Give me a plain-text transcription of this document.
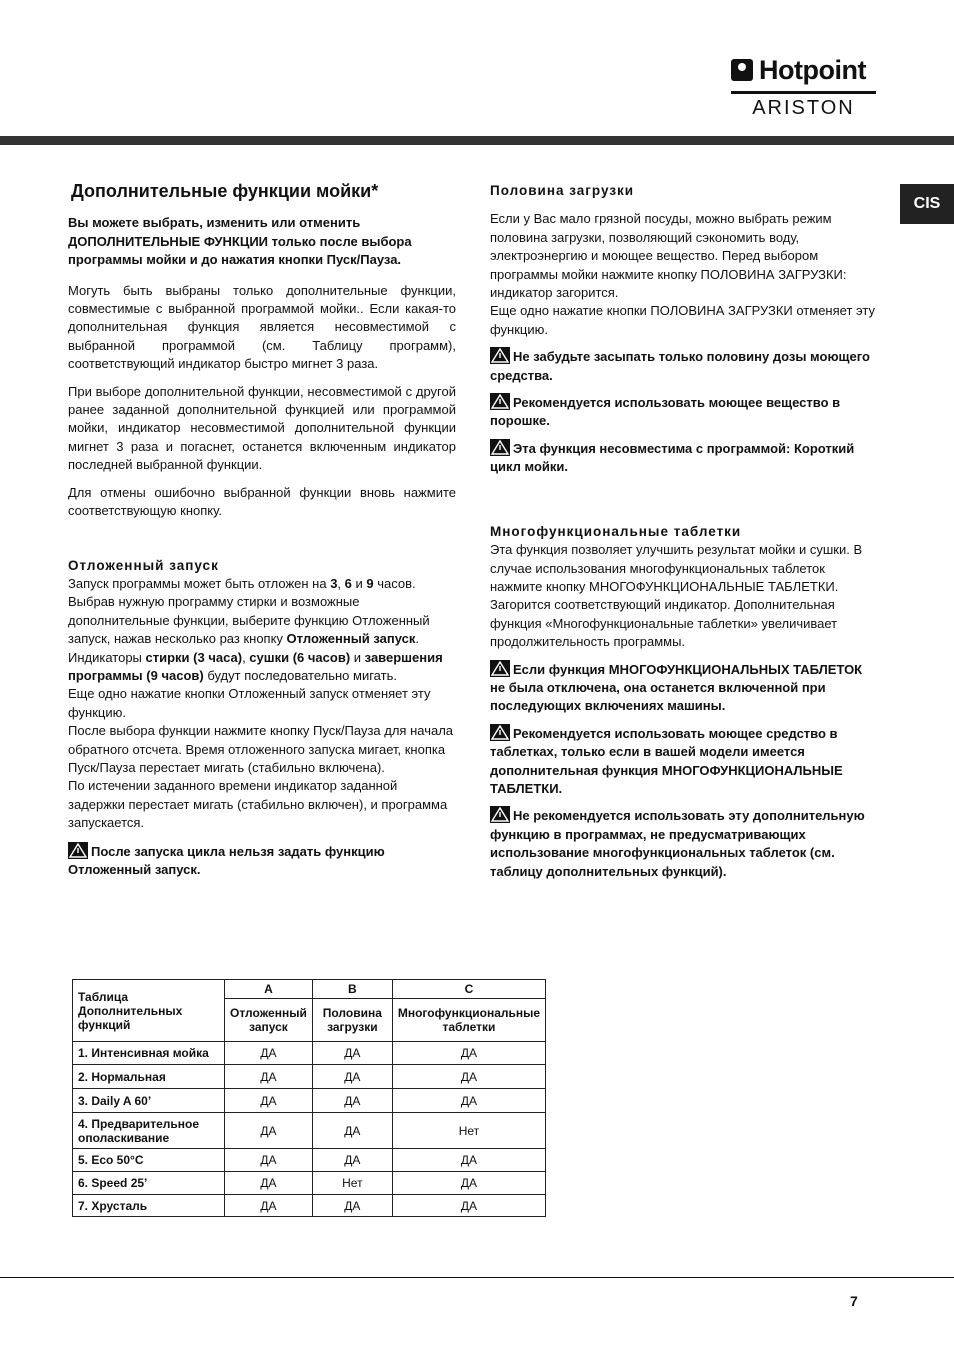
Hotpoint
ARISTON
CIS
Дополнительные функции мойки*

Вы можете выбрать, изменить или отменить ДОПОЛНИТЕЛЬНЫЕ ФУНКЦИИ только после выбора программы мойки и до нажатия кнопки Пуск/Пауза.

Могуть быть выбраны только дополнительные функции, совместимые с выбранной программой мойки.. Если какая-то дополнительная функция является несовместимой с выбранной программой (см. Таблицу программ), соответствующий индикатор быстро мигнет 3 раза.

При выборе дополнительной функции, несовместимой с другой ранее заданной дополнительной функцией или программой мойки, индикатор несовместимой дополнительной функции мигнет 3 раза и погаснет, останется включенным индикатор последней выбранной функции.

Для отмены ошибочно выбранной функции вновь нажмите соответствующую кнопку.

Отложенный запуск

Запуск программы может быть отложен на 3, 6 и 9 часов.

Выбрав нужную программу стирки и возможные дополнительные функции, выберите функцию Отложенный запуск, нажав несколько раз кнопку Отложенный запуск.

Индикаторы стирки (3 часа), сушки (6 часов) и завершения программы (9 часов) будут последовательно мигать.

Еще одно нажатие кнопки Отложенный запуск отменяет эту функцию.

После выбора функции нажмите кнопку Пуск/Пауза для начала обратного отсчета. Время отложенного запуска мигает, кнопка Пуск/Пауза перестает мигать (стабильно включена).

По истечении заданного времени индикатор заданной задержки перестает мигать (стабильно включен), и программа запускается.

После запуска цикла нельзя задать функцию Отложенный запуск.

Половина загрузки

Если у Вас мало грязной посуды, можно выбрать режим половина загрузки, позволяющий сэкономить воду, электроэнергию и моющее вещество. Перед выбором программы мойки нажмите кнопку ПОЛОВИНА ЗАГРУЗКИ: индикатор загорится.

Еще одно нажатие кнопки ПОЛОВИНА ЗАГРУЗКИ отменяет эту функцию.

Не забудьте засыпать только половину дозы моющего средства.

Рекомендуется использовать моющее вещество в порошке.

Эта функция несовместима с программой: Короткий цикл мойки.

Многофункциональные таблетки

Эта функция позволяет улучшить результат мойки и сушки. В случае использования многофункциональных таблеток нажмите кнопку МНОГОФУНКЦИОНАЛЬНЫЕ ТАБЛЕТКИ. Загорится соответствующий индикатор. Дополнительная функция «Многофункциональные таблетки» увеличивает продолжительность программы.

Если функция МНОГОФУНКЦИОНАЛЬНЫХ ТАБЛЕТОК не была отключена, она останется включенной при последующих включениях машины.

Рекомендуется использовать моющее средство в таблетках, только если в вашей модели имеется дополнительная функция МНОГОФУНКЦИОНАЛЬНЫЕ ТАБЛЕТКИ.

Не рекомендуется использовать эту дополнительную функцию в программах, не предусматривающих использование многофункциональных таблеток (см. таблицу дополнительных функций).

Таблица Дополнительных функций	A	B	C
	Отложенный запуск	Половина загрузки	Многофункциональные таблетки
1. Интенсивная мойка	ДА	ДА	ДА
2. Нормальная	ДА	ДА	ДА
3. Daily A 60’	ДА	ДА	ДА
4. Предварительное ополаскивание	ДА	ДА	Нет
5. Eco 50°C	ДА	ДА	ДА
6. Speed 25’	ДА	Нет	ДА
7. Хрусталь	ДА	ДА	ДА
7
